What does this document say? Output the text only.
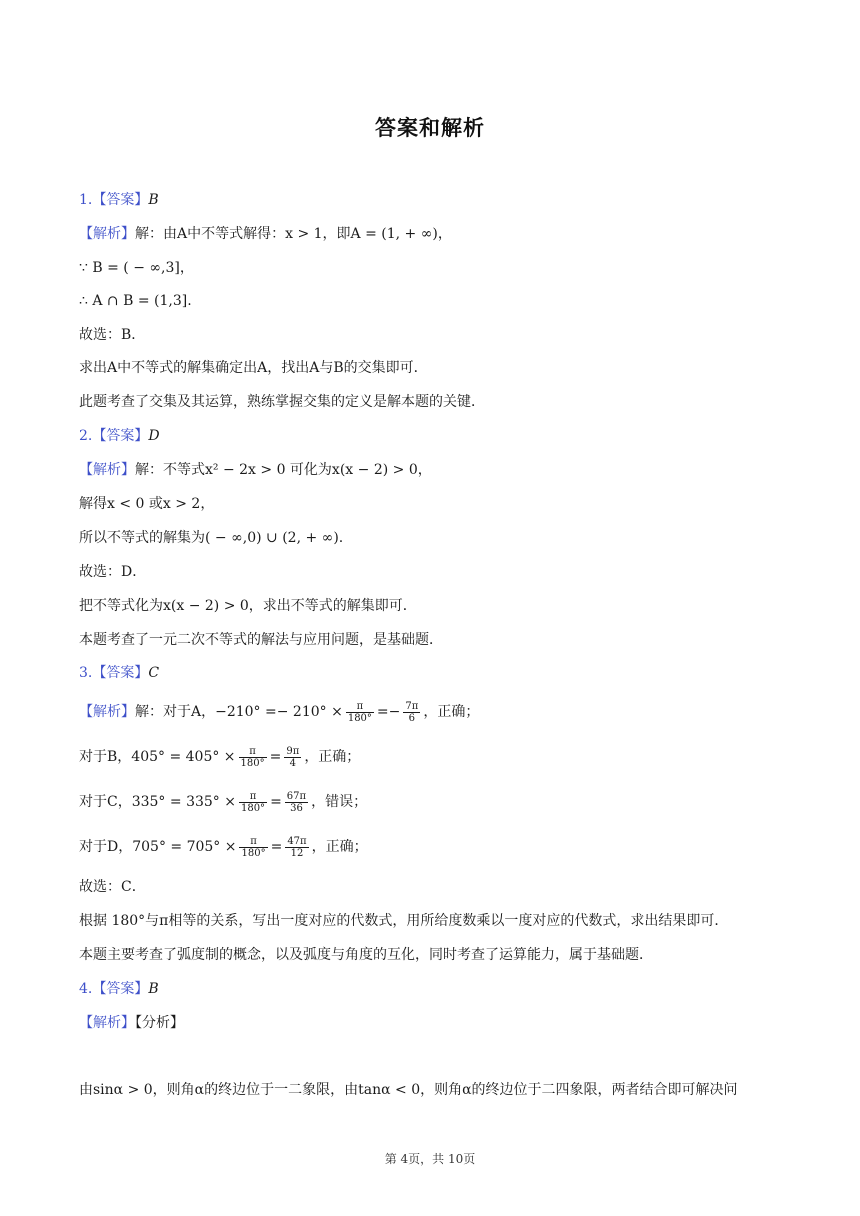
答案和解析
1.【答案】B
【解析】解：由A中不等式解得：x > 1，即A = (1, + ∞)，
∵ B = ( − ∞,3]，
∴ A ∩ B = (1,3].
故选：B．
求出A中不等式的解集确定出A，找出A与B的交集即可．
此题考查了交集及其运算，熟练掌握交集的定义是解本题的关键．
2.【答案】D
【解析】解：不等式x² − 2x > 0 可化为x(x − 2) > 0，
解得x < 0 或x > 2，
所以不等式的解集为( − ∞,0) ∪ (2, + ∞).
故选：D．
把不等式化为x(x − 2) > 0，求出不等式的解集即可．
本题考查了一元二次不等式的解法与应用问题，是基础题．
3.【答案】C
【解析】解：对于A，$-210^\circ =- 210^\circ \times \frac{\pi}{180^\circ} =- \frac{7\pi}{6}$ ，正确；
对于B，$405^\circ = 405^\circ \times \frac{\pi}{180^\circ} = \frac{9\pi}{4}$ ，正确；
对于C，$335^\circ = 335^\circ \times \frac{\pi}{180^\circ} = \frac{67\pi}{36}$ ，错误；
对于D，$705^\circ = 705^\circ \times \frac{\pi}{180^\circ} = \frac{47\pi}{12}$ ，正确；
故选：C．
根据 180°与π相等的关系，写出一度对应的代数式，用所给度数乘以一度对应的代数式，求出结果即可．
本题主要考查了弧度制的概念，以及弧度与角度的互化，同时考查了运算能力，属于基础题．
4.【答案】B
【解析】【分析】
由sinα > 0，则角α的终边位于一二象限，由tanα < 0，则角α的终边位于二四象限，两者结合即可解决问
第 4页，共 10页
